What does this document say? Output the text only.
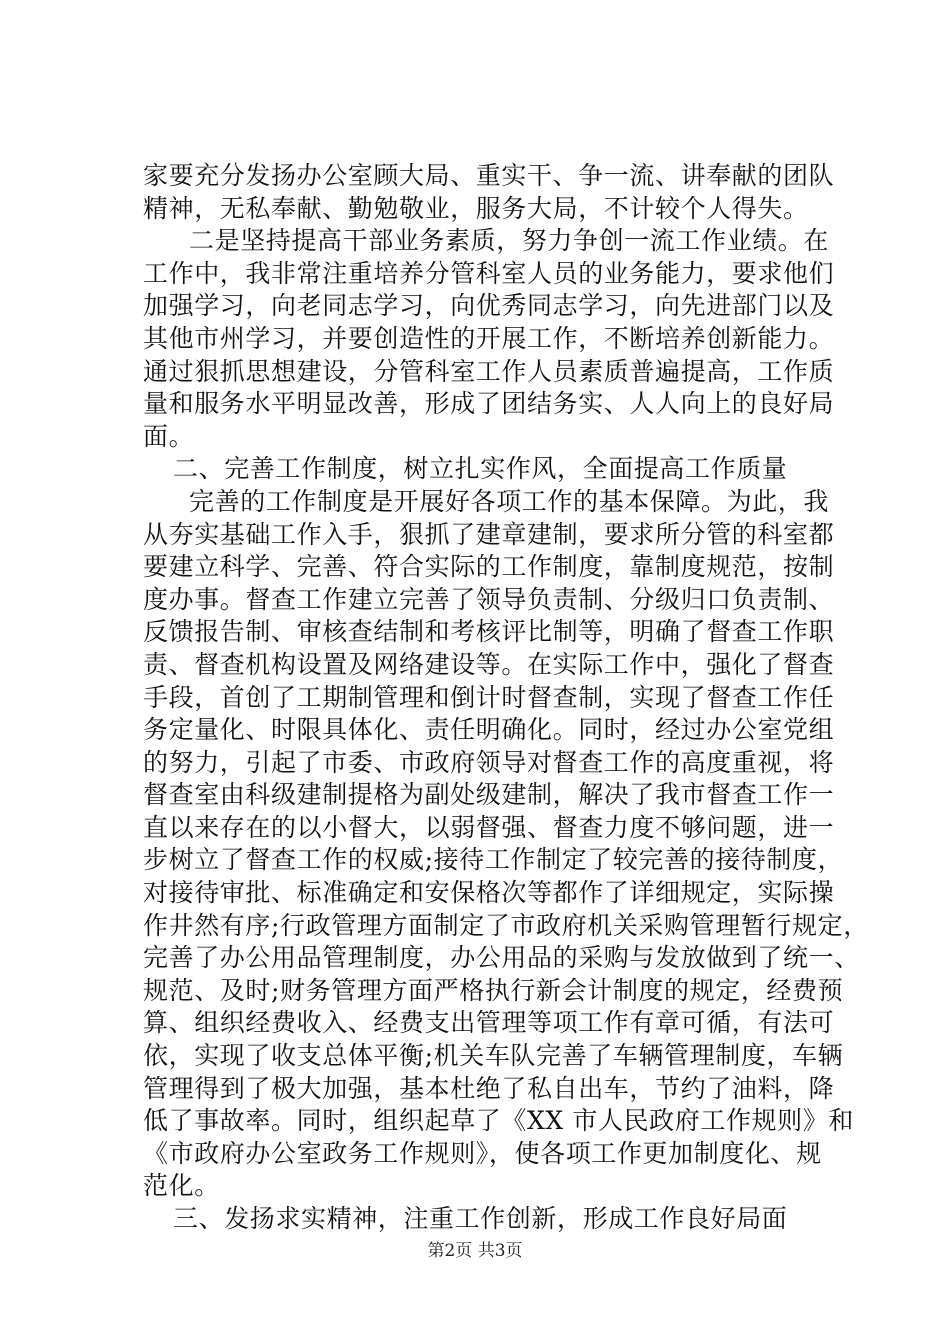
家要充分发扬办公室顾大局、重实干、争一流、讲奉献的团队
精神，无私奉献、勤勉敬业，服务大局，不计较个人得失。
二是坚持提高干部业务素质，努力争创一流工作业绩。在
工作中，我非常注重培养分管科室人员的业务能力，要求他们
加强学习，向老同志学习，向优秀同志学习，向先进部门以及
其他市州学习，并要创造性的开展工作，不断培养创新能力。
通过狠抓思想建设，分管科室工作人员素质普遍提高，工作质
量和服务水平明显改善，形成了团结务实、人人向上的良好局
面。
二、完善工作制度，树立扎实作风，全面提高工作质量
完善的工作制度是开展好各项工作的基本保障。为此，我
从夯实基础工作入手，狠抓了建章建制，要求所分管的科室都
要建立科学、完善、符合实际的工作制度，靠制度规范，按制
度办事。督查工作建立完善了领导负责制、分级归口负责制、
反馈报告制、审核查结制和考核评比制等，明确了督查工作职
责、督查机构设置及网络建设等。在实际工作中，强化了督查
手段，首创了工期制管理和倒计时督查制，实现了督查工作任
务定量化、时限具体化、责任明确化。同时，经过办公室党组
的努力，引起了市委、市政府领导对督查工作的高度重视，将
督查室由科级建制提格为副处级建制，解决了我市督查工作一
直以来存在的以小督大，以弱督强、督查力度不够问题，进一
步树立了督查工作的权威;接待工作制定了较完善的接待制度，
对接待审批、标准确定和安保格次等都作了详细规定，实际操
作井然有序;行政管理方面制定了市政府机关采购管理暂行规定，
完善了办公用品管理制度，办公用品的采购与发放做到了统一、
规范、及时;财务管理方面严格执行新会计制度的规定，经费预
算、组织经费收入、经费支出管理等项工作有章可循，有法可
依，实现了收支总体平衡;机关车队完善了车辆管理制度，车辆
管理得到了极大加强，基本杜绝了私自出车，节约了油料，降
低了事故率。同时，组织起草了《XX 市人民政府工作规则》和
《市政府办公室政务工作规则》，使各项工作更加制度化、规
范化。
三、发扬求实精神，注重工作创新，形成工作良好局面
第2页 共3页
